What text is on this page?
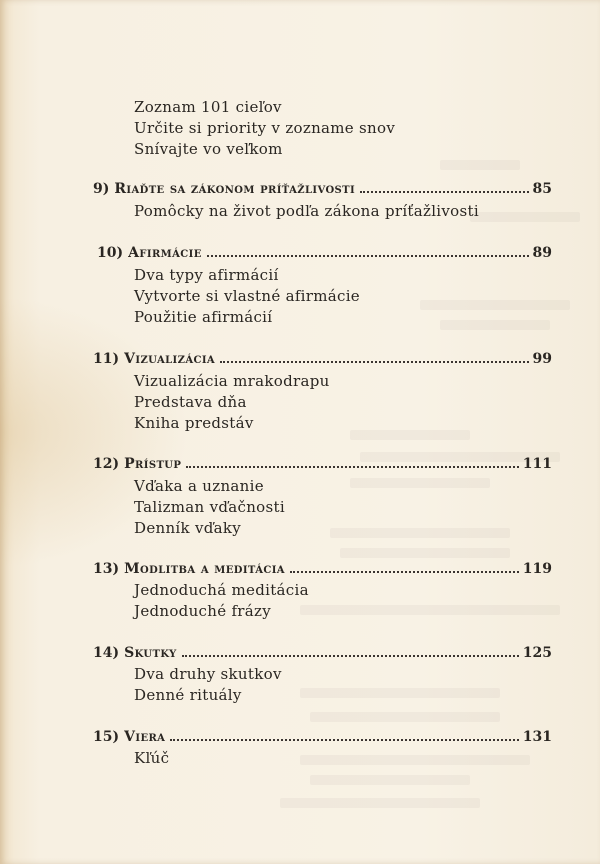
Zoznam 101 cieľov
Určite si priority v zozname snov
Snívajte vo veľkom
9) Riaďte sa zákonom príťažlivosti	85
Pomôcky na život podľa zákona príťažlivosti
10) Afirmácie	89
Dva typy afirmácií
Vytvorte si vlastné afirmácie
Použitie afirmácií
11) Vizualizácia	99
Vizualizácia mrakodrapu
Predstava dňa
Kniha predstáv
12) Prístup	111
Vďaka a uznanie
Talizman vďačnosti
Denník vďaky
13) Modlitba a meditácia	119
Jednoduchá meditácia
Jednoduché frázy
14) Skutky	125
Dva druhy skutkov
Denné rituály
15) Viera	131
Kľúč
